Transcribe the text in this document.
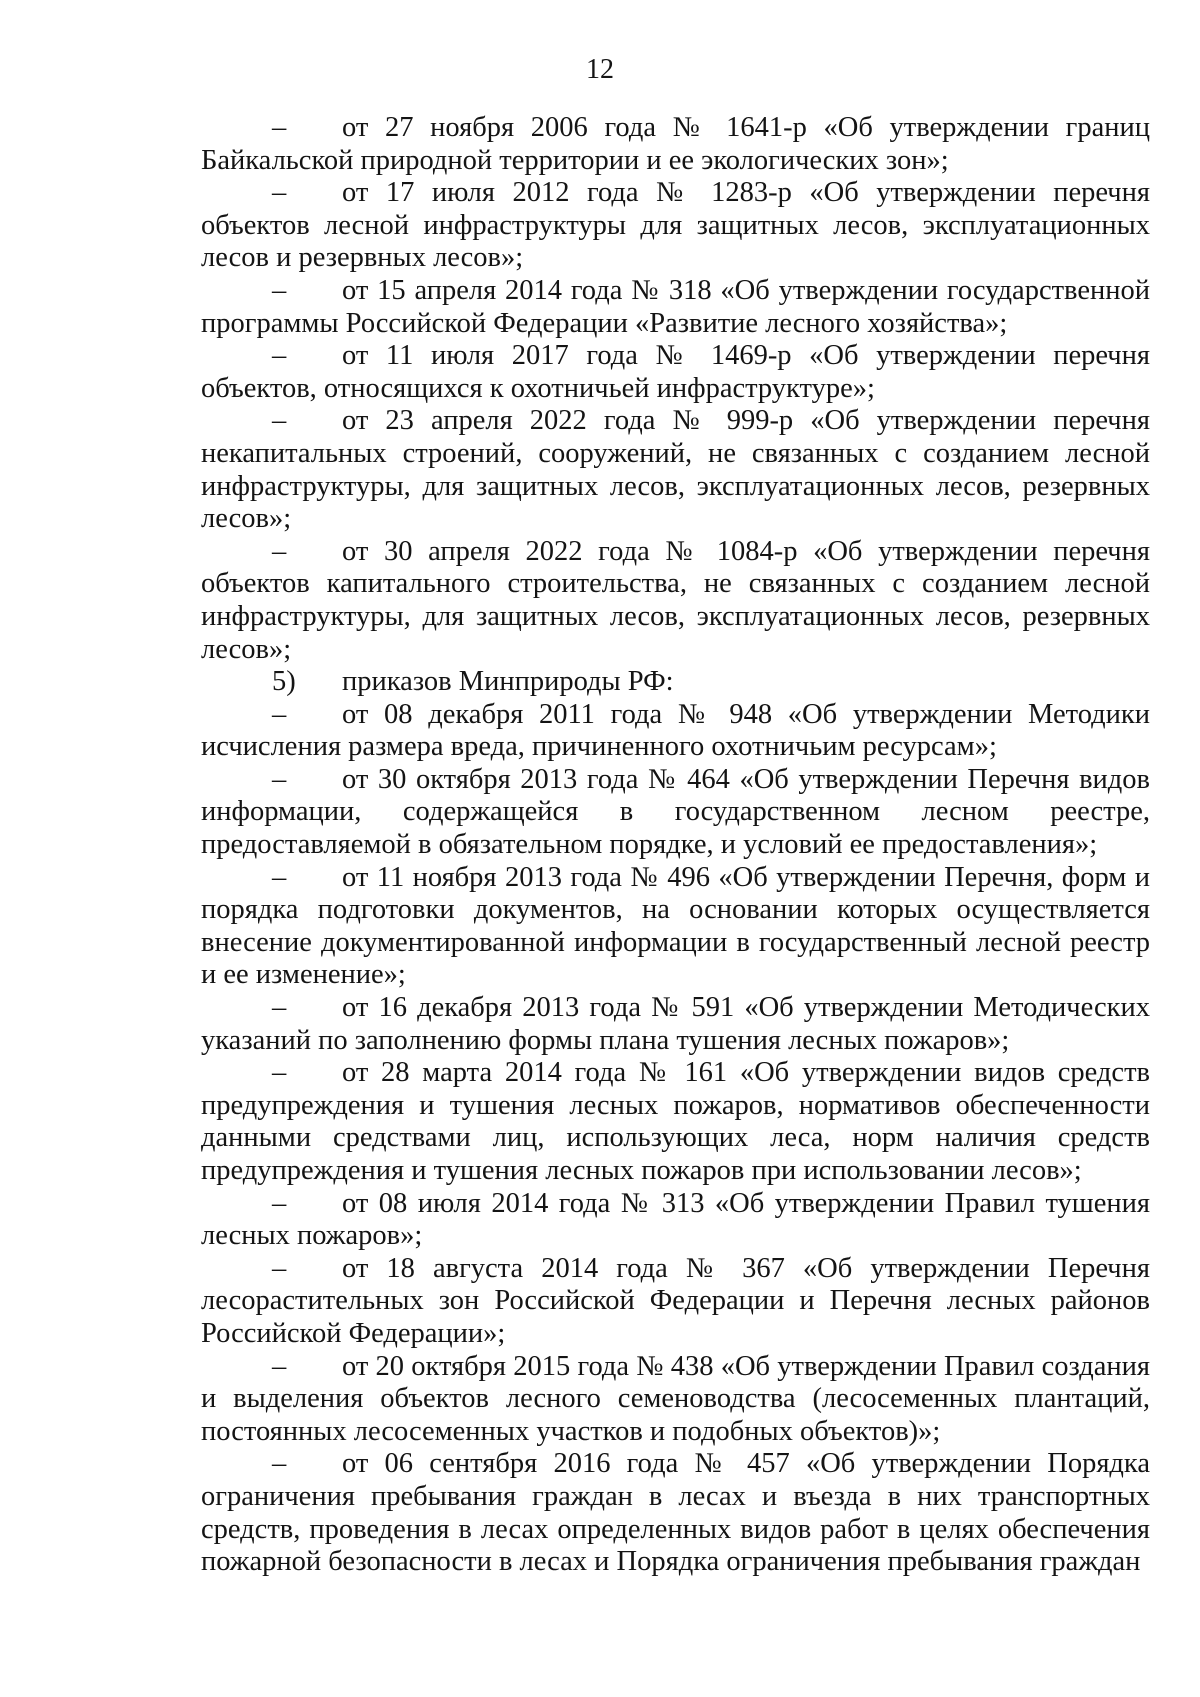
12

– от 27 ноября 2006 года № 1641-р «Об утверждении границ Байкальской природной территории и ее экологических зон»;

– от 17 июля 2012 года № 1283-р «Об утверждении перечня объектов лесной инфраструктуры для защитных лесов, эксплуатационных лесов и резервных лесов»;

– от 15 апреля 2014 года № 318 «Об утверждении государственной программы Российской Федерации «Развитие лесного хозяйства»;

– от 11 июля 2017 года № 1469-р «Об утверждении перечня объектов, относящихся к охотничьей инфраструктуре»;

– от 23 апреля 2022 года № 999-р «Об утверждении перечня некапитальных строений, сооружений, не связанных с созданием лесной инфраструктуры, для защитных лесов, эксплуатационных лесов, резервных лесов»;

– от 30 апреля 2022 года № 1084-р «Об утверждении перечня объектов капитального строительства, не связанных с созданием лесной инфраструктуры, для защитных лесов, эксплуатационных лесов, резервных лесов»;

5) приказов Минприроды РФ:

– от 08 декабря 2011 года № 948 «Об утверждении Методики исчисления размера вреда, причиненного охотничьим ресурсам»;

– от 30 октября 2013 года № 464 «Об утверждении Перечня видов информации, содержащейся в государственном лесном реестре, предоставляемой в обязательном порядке, и условий ее предоставления»;

– от 11 ноября 2013 года № 496 «Об утверждении Перечня, форм и порядка подготовки документов, на основании которых осуществляется внесение документированной информации в государственный лесной реестр и ее изменение»;

– от 16 декабря 2013 года № 591 «Об утверждении Методических указаний по заполнению формы плана тушения лесных пожаров»;

– от 28 марта 2014 года № 161 «Об утверждении видов средств предупреждения и тушения лесных пожаров, нормативов обеспеченности данными средствами лиц, использующих леса, норм наличия средств предупреждения и тушения лесных пожаров при использовании лесов»;

– от 08 июля 2014 года № 313 «Об утверждении Правил тушения лесных пожаров»;

– от 18 августа 2014 года № 367 «Об утверждении Перечня лесорастительных зон Российской Федерации и Перечня лесных районов Российской Федерации»;

– от 20 октября 2015 года № 438 «Об утверждении Правил создания и выделения объектов лесного семеноводства (лесосеменных плантаций, постоянных лесосеменных участков и подобных объектов)»;

– от 06 сентября 2016 года № 457 «Об утверждении Порядка ограничения пребывания граждан в лесах и въезда в них транспортных средств, проведения в лесах определенных видов работ в целях обеспечения пожарной безопасности в лесах и Порядка ограничения пребывания граждан
